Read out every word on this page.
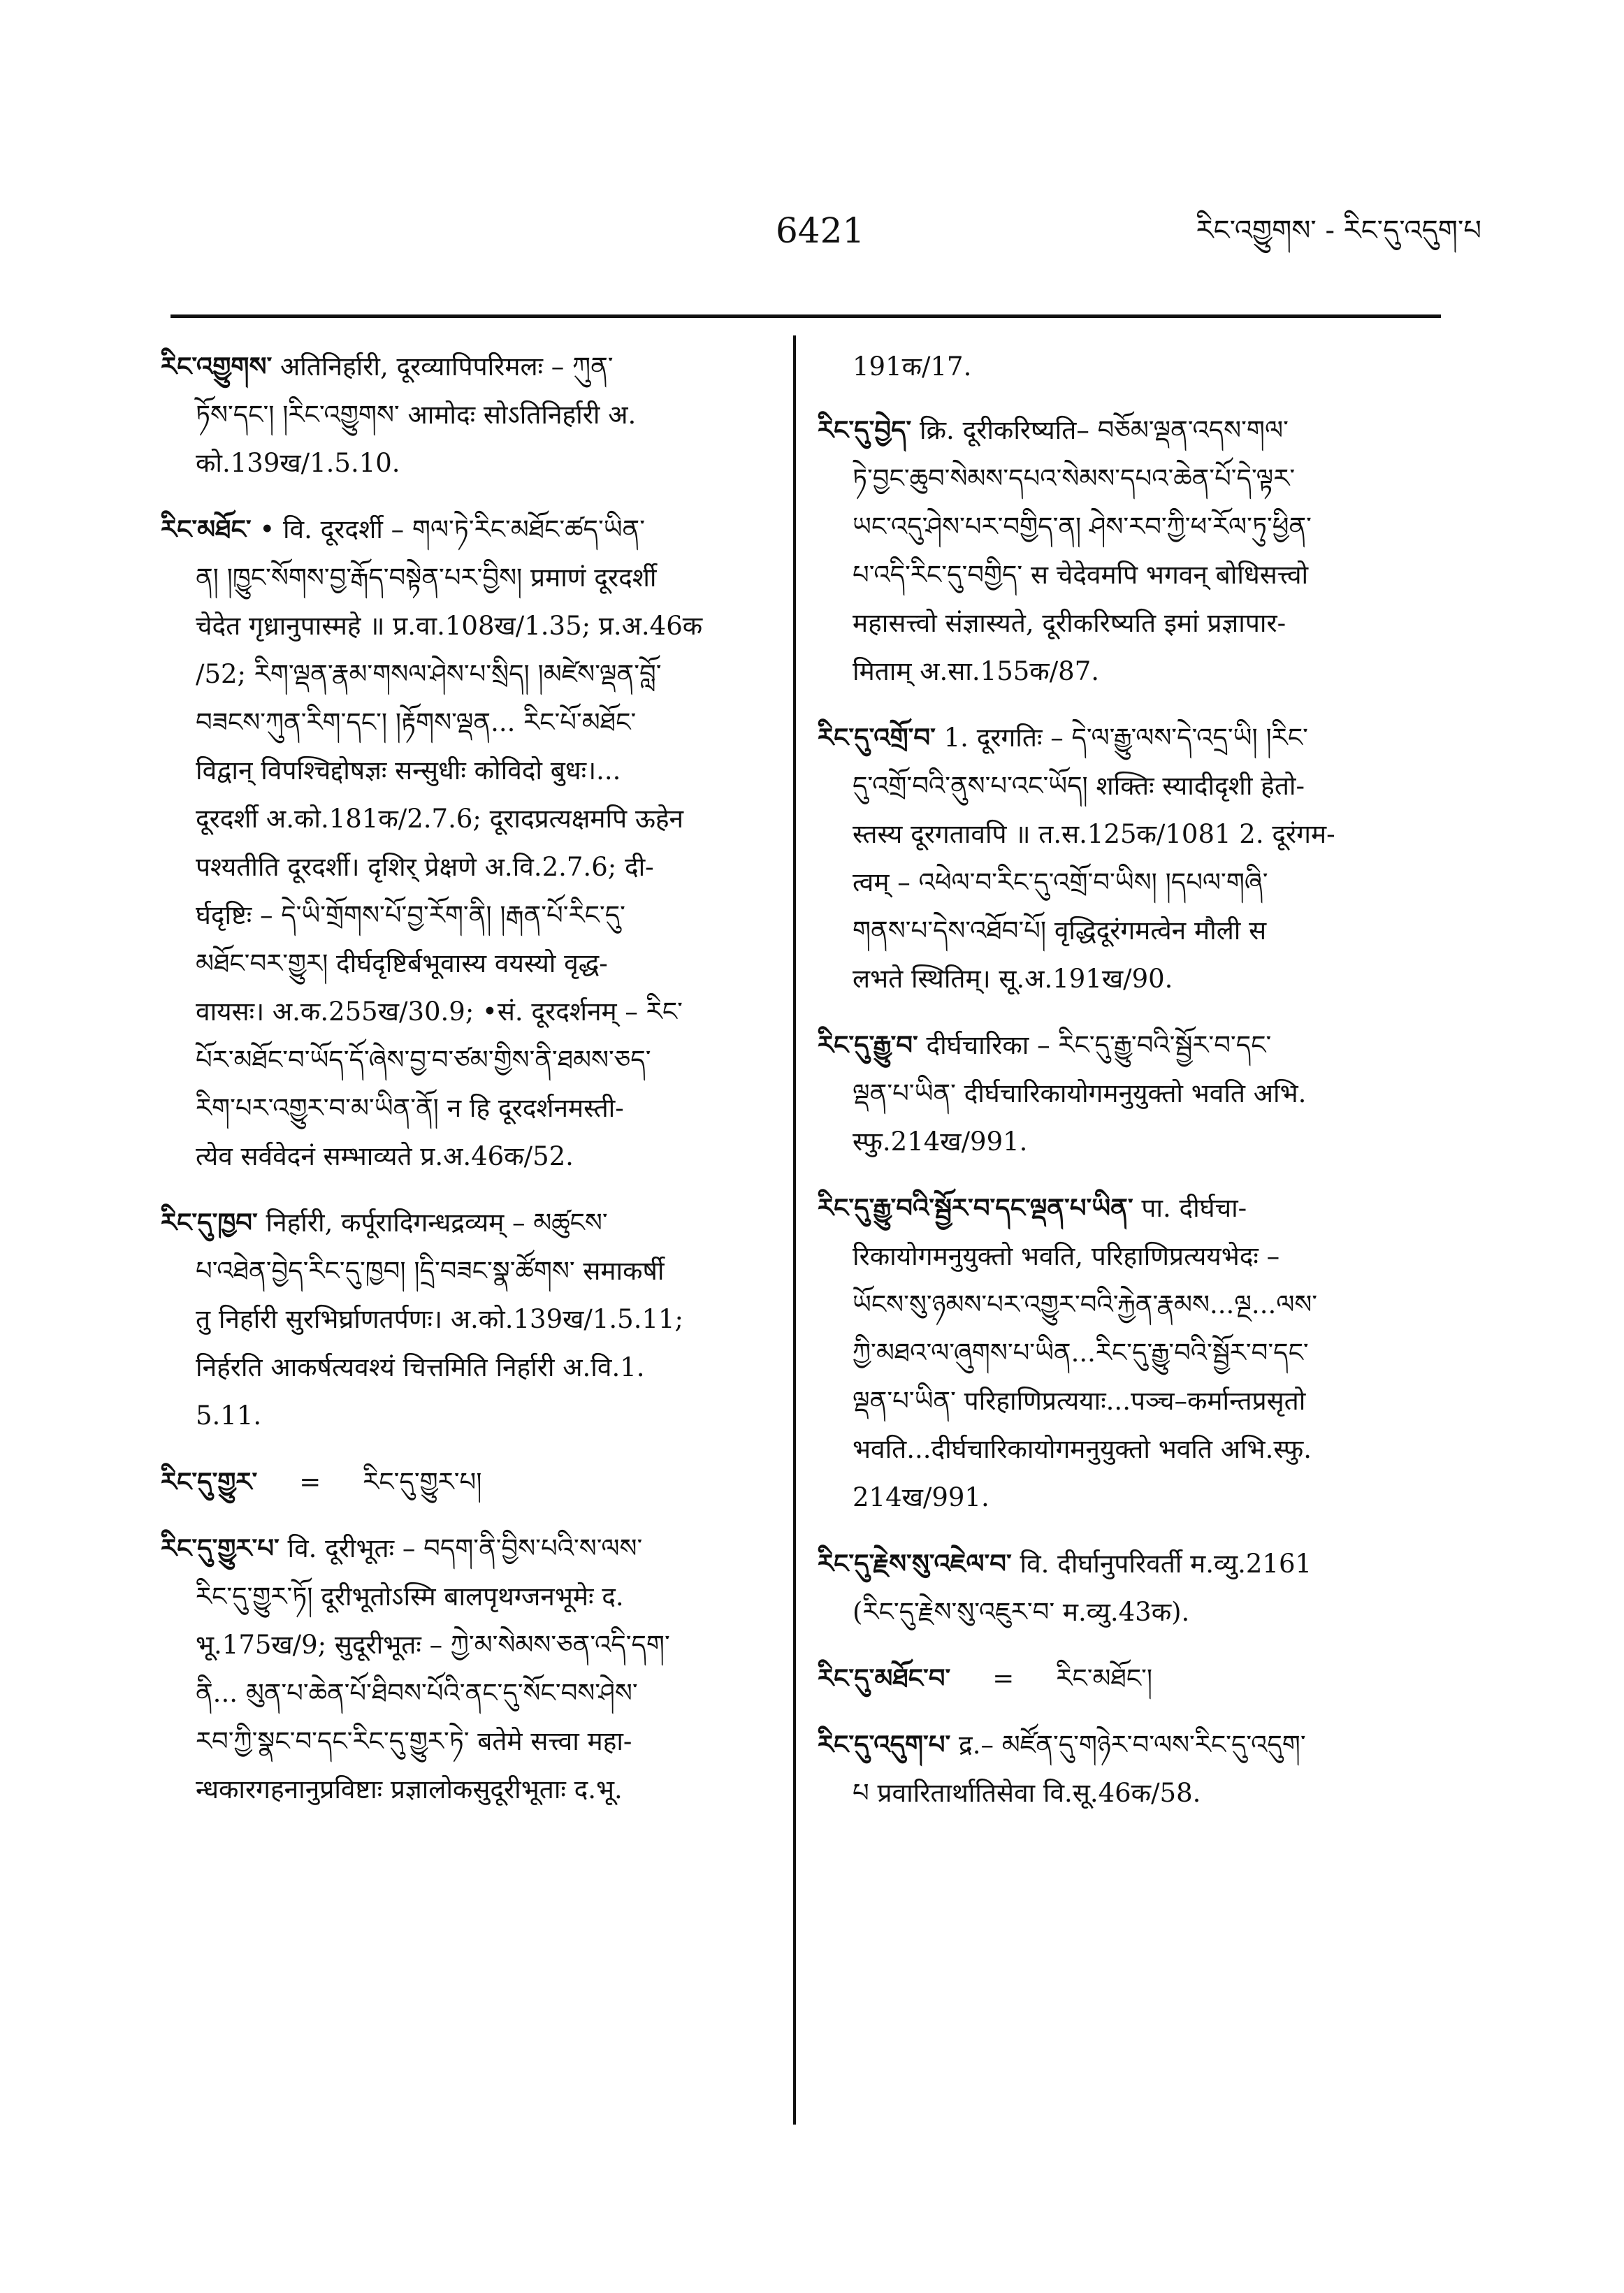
6421	རིང་འགྱུགས་ - རིང་དུ་འདུག་པ
རིང་འགྱུགས་ अतिनिर्हारी, दूरव्यापिपरिमलः – ཀུན་
ཏོས་དང་། །རིང་འགྱུགས་ आमोदः सोऽतिनिर्हारी अ.
को.139ख/1.5.10.
རིང་མཐོང་ • वि. दूरदर्शी – གལ་ཏེ་རིང་མཐོང་ཚད་ཡིན་
ན། །ཁྱུང་སོགས་བྱ་རྒོད་བསྟེན་པར་བྱིས། प्रमाणं दूरदर्शी
चेदेत गृध्रानुपास्महे ॥ प्र.वा.108ख/1.35; प्र.अ.46क
/52; རིག་ལྡན་རྣམ་གསལ་ཤེས་པ་སྲིད། །མཛེས་ལྡན་བློ་
བཟངས་ཀུན་རིག་དང་། །རྟོགས་ལྡན... རིང་པོ་མཐོང་
विद्वान् विपश्चिद्दोषज्ञः सन्सुधीः कोविदो बुधः।...
दूरदर्शी अ.को.181क/2.7.6; दूरादप्रत्यक्षमपि ऊहेन
पश्यतीति दूरदर्शी। दृशिर् प्रेक्षणे अ.वि.2.7.6; दी-
र्घदृष्टिः – དེ་ཡི་གྲོགས་པོ་བྱ་རོག་ནི། །རྒན་པོ་རིང་དུ་
མཐོང་བར་གྱུར། दीर्घदृष्टिर्बभूवास्य वयस्यो वृद्ध-
वायसः। अ.क.255ख/30.9; •सं. दूरदर्शनम् – རིང་
པོར་མཐོང་བ་ཡོད་དོ་ཞེས་བྱ་བ་ཙམ་གྱིས་ནི་ཐམས་ཅད་
རིག་པར་འགྱུར་བ་མ་ཡིན་ནོ། न हि दूरदर्शनमस्ती-
त्येव सर्ववेदनं सम्भाव्यते प्र.अ.46क/52.
རིང་དུ་ཁྱབ་ निर्हारी, कर्पूरादिगन्धद्रव्यम् – མཚུངས་
པ་འཐེན་བྱེད་རིང་དུ་ཁྱབ། །དྲི་བཟང་སྣ་ཚོགས་ समाकर्षी
तु निर्हारी सुरभिर्घ्राणतर्पणः। अ.को.139ख/1.5.11;
निर्हरति आकर्षत्यवश्यं चित्तमिति निर्हारी अ.वि.1.
5.11.
རིང་དུ་གྱུར་ = རིང་དུ་གྱུར་པ།
རིང་དུ་གྱུར་པ་ वि. दूरीभूतः – བདག་ནི་བྱིས་པའི་ས་ལས་
རིང་དུ་གྱུར་ཏོ། दूरीभूतोऽस्मि बालपृथग्जनभूमेः द.
भू.175ख/9; सुदूरीभूतः – ཀྱེ་མ་སེམས་ཅན་འདི་དག་
ནི... མུན་པ་ཆེན་པོ་ཐིབས་པོའི་ནང་དུ་སོང་བས་ཤེས་
རབ་ཀྱི་སྣང་བ་དང་རིང་དུ་གྱུར་ཏེ་ बतेमे सत्त्वा महा-
न्धकारगहनानुप्रविष्टाः प्रज्ञालोकसुदूरीभूताः द.भू.
191क/17.
རིང་དུ་བྱེད་ क्रि. दूरीकरिष्यति– བཅོམ་ལྡན་འདས་གལ་
ཏེ་བྱང་ཆུབ་སེམས་དཔའ་སེམས་དཔའ་ཆེན་པོ་དེ་ལྟར་
ཡང་འདུ་ཤེས་པར་བགྱིད་ན། ཤེས་རབ་ཀྱི་ཕ་རོལ་ཏུ་ཕྱིན་
པ་འདི་རིང་དུ་བགྱིད་ स चेदेवमपि भगवन् बोधिसत्त्वो
महासत्त्वो संज्ञास्यते, दूरीकरिष्यति इमां प्रज्ञापार-
मिताम् अ.सा.155क/87.
རིང་དུ་འགྲོ་བ་ 1. दूरगतिः – དེ་ལ་རྒྱུ་ལས་དེ་འདྲ་ཡི། །རིང་
དུ་འགྲོ་བའི་ནུས་པ་འང་ཡོད། शक्तिः स्यादीदृशी हेतो-
स्तस्य दूरगतावपि ॥ त.स.125क/1081 2. दूरंगम-
त्वम् – འཕེལ་བ་རིང་དུ་འགྲོ་བ་ཡིས། །དཔལ་གཞི་
གནས་པ་དེས་འཐོབ་པོ། वृद्धिदूरंगमत्वेन मौली स
लभते स्थितिम्। सू.अ.191ख/90.
རིང་དུ་རྒྱུ་བ་ दीर्घचारिका – རིང་དུ་རྒྱུ་བའི་སྦྱོར་བ་དང་
ལྡན་པ་ཡིན་ दीर्घचारिकायोगमनुयुक्तो भवति अभि.
स्फु.214ख/991.
རིང་དུ་རྒྱུ་བའི་སྦྱོར་བ་དང་ལྡན་པ་ཡིན་ पा. दीर्घचा-
रिकायोगमनुयुक्तो भवति, परिहाणिप्रत्ययभेदः –
ཡོངས་སུ་ཉམས་པར་འགྱུར་བའི་རྐྱེན་རྣམས...ལྔ...ལས་
ཀྱི་མཐའ་ལ་ཞུགས་པ་ཡིན...རིང་དུ་རྒྱུ་བའི་སྦྱོར་བ་དང་
ལྡན་པ་ཡིན་ परिहाणिप्रत्ययाः...पञ्च–कर्मान्तप्रसृतो
भवति...दीर्घचारिकायोगमनुयुक्तो भवति अभि.स्फु.
214ख/991.
རིང་དུ་རྗེས་སུ་འཇེལ་བ་ वि. दीर्घानुपरिवर्ती म.व्यु.2161
(རིང་དུ་རྗེས་སུ་འཇུར་བ་ म.व्यु.43क).
རིང་དུ་མཐོང་བ་ = རིང་མཐོང་།
རིང་དུ་འདུག་པ་ द्र.– མཛོན་དུ་གཉེར་བ་ལས་རིང་དུ་འདུག་
པ प्रवारितार्थातिसेवा वि.सू.46क/58.
